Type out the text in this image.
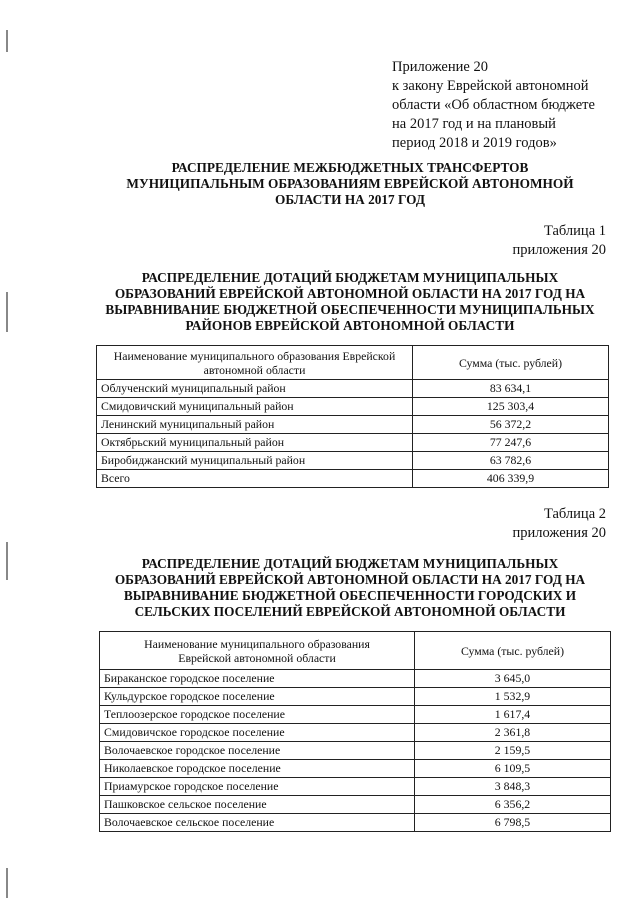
Приложение 20
к закону Еврейской автономной
области «Об областном бюджете
на 2017 год и на плановый
период 2018 и 2019 годов»
РАСПРЕДЕЛЕНИЕ МЕЖБЮДЖЕТНЫХ ТРАНСФЕРТОВ
МУНИЦИПАЛЬНЫМ ОБРАЗОВАНИЯМ ЕВРЕЙСКОЙ АВТОНОМНОЙ
ОБЛАСТИ НА 2017 ГОД
Таблица 1
приложения 20
РАСПРЕДЕЛЕНИЕ ДОТАЦИЙ БЮДЖЕТАМ МУНИЦИПАЛЬНЫХ
ОБРАЗОВАНИЙ ЕВРЕЙСКОЙ АВТОНОМНОЙ ОБЛАСТИ НА 2017 ГОД НА
ВЫРАВНИВАНИЕ БЮДЖЕТНОЙ ОБЕСПЕЧЕННОСТИ МУНИЦИПАЛЬНЫХ
РАЙОНОВ ЕВРЕЙСКОЙ АВТОНОМНОЙ ОБЛАСТИ
Наименование муниципального образования Еврейской
автономной области	Сумма (тыс. рублей)
Облученский муниципальный район	83 634,1
Смидовичский муниципальный район	125 303,4
Ленинский муниципальный район	56 372,2
Октябрьский муниципальный район	77 247,6
Биробиджанский муниципальный район	63 782,6
Всего	406 339,9
Таблица 2
приложения 20
РАСПРЕДЕЛЕНИЕ ДОТАЦИЙ БЮДЖЕТАМ МУНИЦИПАЛЬНЫХ
ОБРАЗОВАНИЙ ЕВРЕЙСКОЙ АВТОНОМНОЙ ОБЛАСТИ НА 2017 ГОД НА
ВЫРАВНИВАНИЕ БЮДЖЕТНОЙ ОБЕСПЕЧЕННОСТИ ГОРОДСКИХ И
СЕЛЬСКИХ ПОСЕЛЕНИЙ ЕВРЕЙСКОЙ АВТОНОМНОЙ ОБЛАСТИ
Наименование муниципального образования
Еврейской автономной области	Сумма (тыс. рублей)
Бираканское городское поселение	3 645,0
Кульдурское городское поселение	1 532,9
Теплоозерское городское поселение	1 617,4
Смидовичское городское поселение	2 361,8
Волочаевское городское поселение	2 159,5
Николаевское городское поселение	6 109,5
Приамурское городское поселение	3 848,3
Пашковское сельское поселение	6 356,2
Волочаевское сельское поселение	6 798,5
